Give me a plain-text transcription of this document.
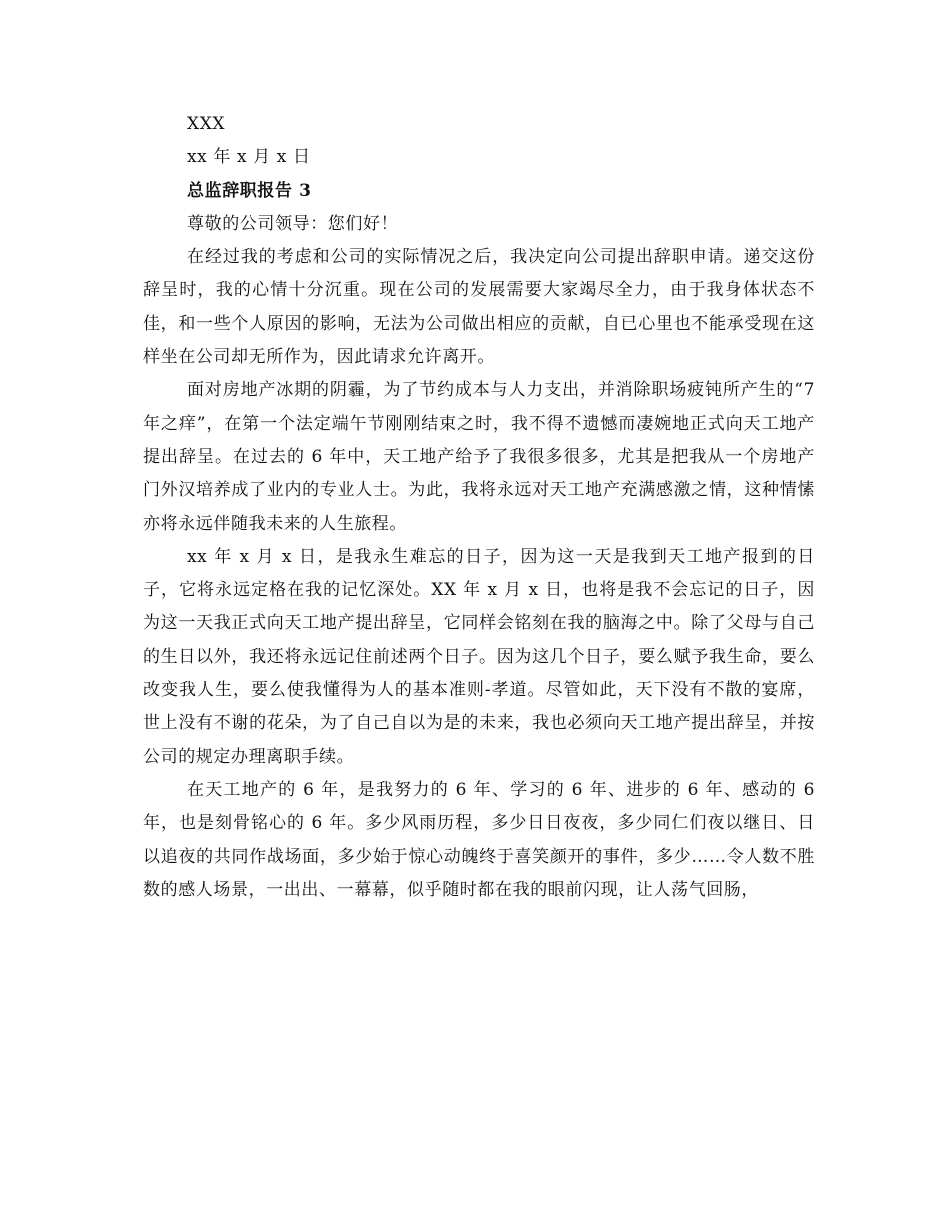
XXX
xx 年 x 月 x 日
总监辞职报告 3
尊敬的公司领导：您们好！

在经过我的考虑和公司的实际情况之后，我决定向公司提出辞职申请。递交这份辞呈时，我的心情十分沉重。现在公司的发展需要大家竭尽全力，由于我身体状态不佳，和一些个人原因的影响，无法为公司做出相应的贡献，自已心里也不能承受现在这样坐在公司却无所作为，因此请求允许离开。

面对房地产冰期的阴霾，为了节约成本与人力支出，并消除职场疲钝所产生的“7 年之痒”，在第一个法定端午节刚刚结束之时，我不得不遗憾而凄婉地正式向天工地产提出辞呈。在过去的 6 年中，天工地产给予了我很多很多，尤其是把我从一个房地产门外汉培养成了业内的专业人士。为此，我将永远对天工地产充满感激之情，这种情愫亦将永远伴随我未来的人生旅程。

xx 年 x 月 x 日，是我永生难忘的日子，因为这一天是我到天工地产报到的日子，它将永远定格在我的记忆深处。XX 年 x 月 x 日，也将是我不会忘记的日子，因为这一天我正式向天工地产提出辞呈，它同样会铭刻在我的脑海之中。除了父母与自己的生日以外，我还将永远记住前述两个日子。因为这几个日子，要么赋予我生命，要么改变我人生，要么使我懂得为人的基本准则-孝道。尽管如此，天下没有不散的宴席，世上没有不谢的花朵，为了自己自以为是的未来，我也必须向天工地产提出辞呈，并按公司的规定办理离职手续。

在天工地产的 6 年，是我努力的 6 年、学习的 6 年、进步的 6 年、感动的 6 年，也是刻骨铭心的 6 年。多少风雨历程，多少日日夜夜，多少同仁们夜以继日、日以追夜的共同作战场面，多少始于惊心动魄终于喜笑颜开的事件，多少……令人数不胜数的感人场景，一出出、一幕幕，似乎随时都在我的眼前闪现，让人荡气回肠，
